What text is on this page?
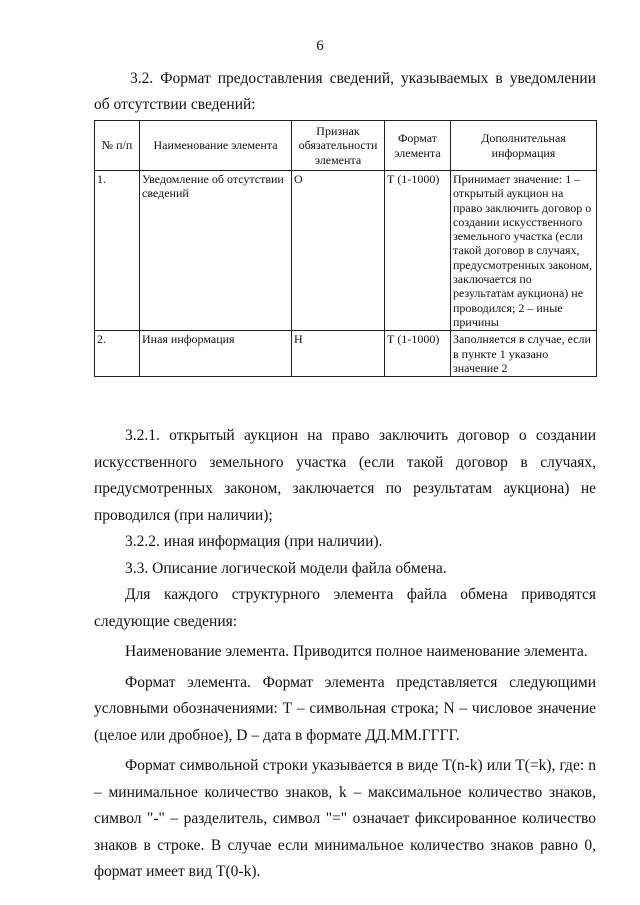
6
3.2. Формат предоставления сведений, указываемых в уведомлении
об отсутствии сведений:
№ п/п	Наименование элемента	Признак обязательности элемента	Формат элемента	Дополнительная информация
1.	Уведомление об отсутствии сведений	О	Т (1-1000)	Принимает значение: 1 – открытый аукцион на право заключить договор о создании искусственного земельного участка (если такой договор в случаях, предусмотренных законом, заключается по результатам аукциона) не проводился; 2 – иные причины
2.	Иная информация	Н	Т (1-1000)	Заполняется в случае, если в пункте 1 указано значение 2

3.2.1. открытый аукцион на право заключить договор о создании искусственного земельного участка (если такой договор в случаях, предусмотренных законом, заключается по результатам аукциона) не проводился (при наличии);

3.2.2. иная информация (при наличии).

3.3. Описание логической модели файла обмена.

Для каждого структурного элемента файла обмена приводятся следующие сведения:

Наименование элемента. Приводится полное наименование элемента.

Формат элемента. Формат элемента представляется следующими условными обозначениями: Т – символьная строка; N – числовое значение (целое или дробное), D – дата в формате ДД.ММ.ГГГГ.

Формат символьной строки указывается в виде Т(n-k) или Т(=k), где: n – минимальное количество знаков, k – максимальное количество знаков, символ "-" – разделитель, символ "=" означает фиксированное количество знаков в строке. В случае если минимальное количество знаков равно 0, формат имеет вид Т(0-k).
